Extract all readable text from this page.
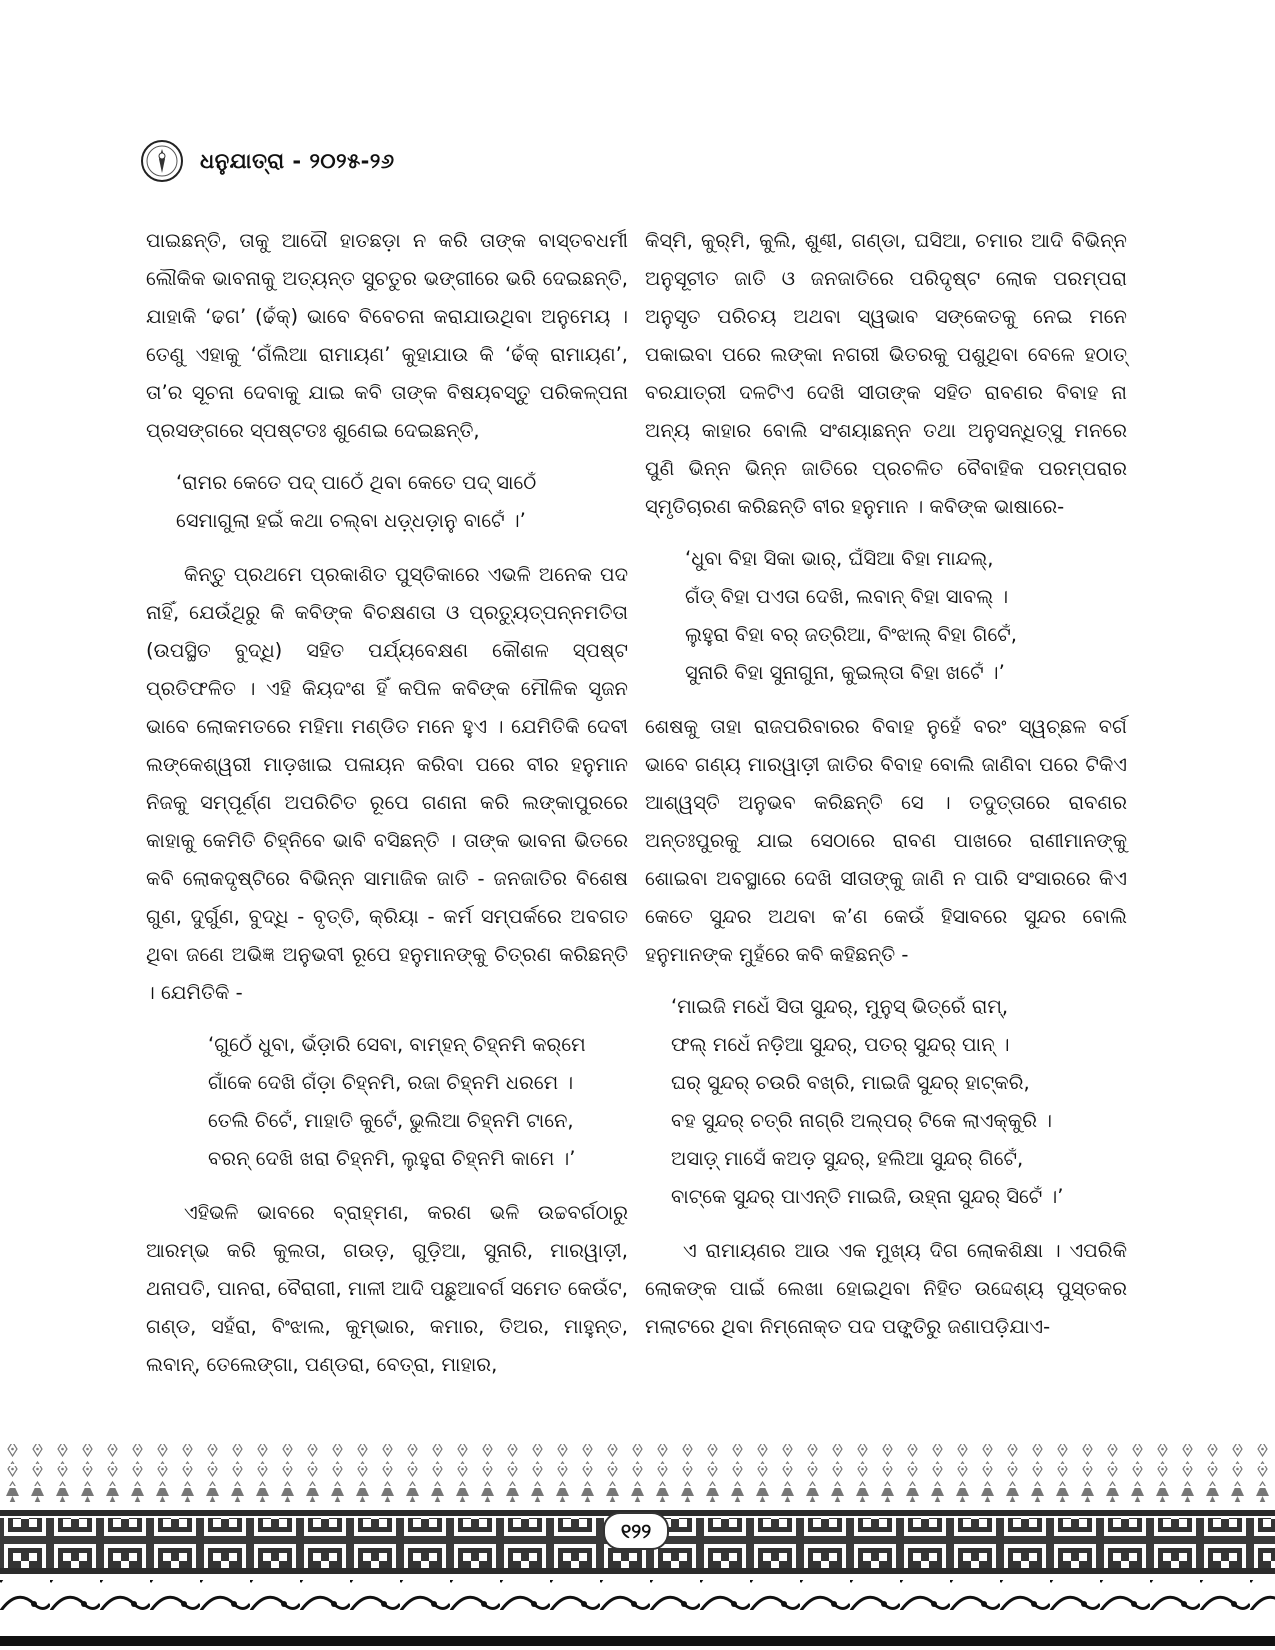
ଧନୁଯାତ୍ରା - ୨୦୨୫-୨୬

ପାଇଛନ୍ତି, ତାକୁ ଆଦୌ ହାତଛଡ଼ା ନ କରି ତାଙ୍କ ବାସ୍ତବଧର୍ମୀ ଲୌକିକ ଭାବନାକୁ ଅତ୍ୟନ୍ତ ସୁଚତୁର ଭଙ୍ଗୀରେ ଭରି ଦେଇଛନ୍ତି, ଯାହାକି ‘ଢଗ’ (ଢଁକ୍) ଭାବେ ବିବେଚନା କରାଯାଉଥିବା ଅନୁମେୟ । ତେଣୁ ଏହାକୁ ‘ଗଁଲିଆ ରାମାୟଣ’ କୁହାଯାଉ କି ‘ଢଁକ୍ ରାମାୟଣ’, ତା’ର ସୂଚନା ଦେବାକୁ ଯାଇ କବି ତାଙ୍କ ବିଷୟବସ୍ତୁ ପରିକଳ୍ପନା ପ୍ରସଙ୍ଗରେ ସ୍ପଷ୍ଟତଃ ଶୁଣେଇ ଦେଇଛନ୍ତି,

‘ରାମର କେତେ ପଦ୍ ପାଠେଁ ଥିବା କେତେ ପଦ୍ ସାଠେଁ
ସେମାଗୁଲା ହଇଁ କଥା ଚଲ୍‌ବା ଧଡ଼୍‌ଧଡ଼ାନୁ ବାଟେଁ ।’

କିନ୍ତୁ ପ୍ରଥମେ ପ୍ରକାଶିତ ପୁସ୍ତିକାରେ ଏଭଳି ଅନେକ ପଦ ନାହିଁ, ଯେଉଁଥିରୁ କି କବିଙ୍କ ବିଚକ୍ଷଣତା ଓ ପ୍ରତ୍ୟୁତ୍ପନ୍ନମତିତା (ଉପସ୍ଥିତ ବୁଦ୍ଧି) ସହିତ ପର୍ଯ୍ୟବେକ୍ଷଣ କୌଶଳ ସ୍ପଷ୍ଟ ପ୍ରତିଫଳିତ । ଏହି କିୟଦଂଶ ହିଁ କପିଳ କବିଙ୍କ ମୌଳିକ ସୃଜନ ଭାବେ ଲୋକମତରେ ମହିମା ମଣ୍ଡିତ ମନେ ହୁଏ । ଯେମିତିକି ଦେବୀ ଲଙ୍କେଶ୍ୱରୀ ମାଡ଼ଖାଇ ପଳାୟନ କରିବା ପରେ ବୀର ହନୁମାନ ନିଜକୁ ସମ୍ପୂର୍ଣ୍ଣ ଅପରିଚିତ ରୂପେ ଗଣନା କରି ଲଙ୍କାପୁରରେ କାହାକୁ କେମିତି ଚିହ୍ନିବେ ଭାବି ବସିଛନ୍ତି । ତାଙ୍କ ଭାବନା ଭିତରେ କବି ଲୋକଦୃଷ୍ଟିରେ ବିଭିନ୍ନ ସାମାଜିକ ଜାତି - ଜନଜାତିର ବିଶେଷ ଗୁଣ, ଦୁର୍ଗୁଣ, ବୁଦ୍ଧି - ବୃତ୍ତି, କ୍ରିୟା - କର୍ମ ସମ୍ପର୍କରେ ଅବଗତ ଥିବା ଜଣେ ଅଭିଜ୍ଞ ଅନୁଭବୀ ରୂପେ ହନୁମାନଙ୍କୁ ଚିତ୍ରଣ କରିଛନ୍ତି । ଯେମିତିକି -

‘ଗୁଠେଁ ଧୁବା, ଭଁଡ଼ାରି ସେବା, ବାମ୍ହନ୍ ଚିହ୍ନମି କର୍‌ମେ
ଗାଁକେ ଦେଖି ଗଁଡ଼ା ଚିହ୍ନମି, ରଜା ଚିହ୍ନମି ଧରମେ ।
ତେଲି ଚିଟେଁ, ମାହାତି କୁଟେଁ, ଭୁଲିଆ ଚିହ୍ନମି ଟାନେ,
ବରନ୍ ଦେଖି ଖରା ଚିହ୍ନମି, ଲୁହୁରା ଚିହ୍ନମି କାମେ ।’

ଏହିଭଳି ଭାବରେ ବ୍ରାହ୍ମଣ, କରଣ ଭଳି ଉଚ୍ଚବର୍ଗଠାରୁ ଆରମ୍ଭ କରି କୁଲତା, ଗଉଡ଼, ଗୁଡ଼ିଆ, ସୁନାରି, ମାରୱାଡ଼ୀ, ଥନାପତି, ପାନରା, ବୈରାଗୀ, ମାଳୀ ଆଦି ପଛୁଆବର୍ଗ ସମେତ କେଉଁଟ, ଗଣ୍ଡ, ସହଁରା, ବିଂଝାଲ, କୁମ୍ଭାର, କମାର, ତିଅର, ମାହୁନ୍ତ, ଲବାନ୍, ତେଲେଙ୍ଗା, ପଣ୍ଡରା, ବେତ୍ରା, ମାହାର,

କିସ୍‌ମି, କୁର୍‌ମି, କୁଲି, ଶୁଣ୍ଢୀ, ଗଣ୍ଡା, ଘସିଆ, ଚମାର ଆଦି ବିଭିନ୍ନ ଅନୁସୂଚୀତ ଜାତି ଓ ଜନଜାତିରେ ପରିଦୃଷ୍ଟ ଲୋକ ପରମ୍ପରା ଅନୁସୃତ ପରିଚୟ ଅଥବା ସ୍ୱଭାବ ସଙ୍କେତକୁ ନେଇ ମନେ ପକାଇବା ପରେ ଲଙ୍କା ନଗରୀ ଭିତରକୁ ପଶୁଥିବା ବେଳେ ହଠାତ୍ ବରଯାତ୍ରୀ ଦଳଟିଏ ଦେଖି ସୀତାଙ୍କ ସହିତ ରାବଣର ବିବାହ ନା ଅନ୍ୟ କାହାର ବୋଲି ସଂଶୟାଛନ୍ନ ତଥା ଅନୁସନ୍ଧିତ୍ସୁ ମନରେ ପୁଣି ଭିନ୍ନ ଭିନ୍ନ ଜାତିରେ ପ୍ରଚଳିତ ବୈବାହିକ ପରମ୍ପରାର ସ୍ମୃତିଚାରଣ କରିଛନ୍ତି ବୀର ହନୁମାନ । କବିଙ୍କ ଭାଷାରେ-

‘ଧୁବା ବିହା ସିକା ଭାର୍, ଘଁସିଆ ବିହା ମାନ୍ଦଲ୍,
ଗଁଡ୍ ବିହା ପଏତା ଦେଖି, ଲବାନ୍ ବିହା ସାବଲ୍ ।
ଲୁହୁରା ବିହା ବର୍ ଜତ୍‌ରିଆ, ବିଂଝାଲ୍ ବିହା ଗିଟେଁ,
ସୁନାରି ବିହା ସୁନାଗୁନା, କୁଇଲ୍‌ତା ବିହା ଖଟେଁ ।’

ଶେଷକୁ ତାହା ରାଜପରିବାରର ବିବାହ ନୁହେଁ ବରଂ ସ୍ୱଚ୍ଛଳ ବର୍ଗ ଭାବେ ଗଣ୍ୟ ମାରୱାଡ଼ୀ ଜାତିର ବିବାହ ବୋଲି ଜାଣିବା ପରେ ଟିକିଏ ଆଶ୍ୱସ୍ତି ଅନୁଭବ କରିଛନ୍ତି ସେ । ତଦୁତ୍ତାରେ ରାବଣର ଅନ୍ତଃପୁରକୁ ଯାଇ ସେଠାରେ ରାବଣ ପାଖରେ ରାଣୀମାନଙ୍କୁ ଶୋଇବା ଅବସ୍ଥାରେ ଦେଖି ସୀତାଙ୍କୁ ଜାଣି ନ ପାରି ସଂସାରରେ କିଏ କେତେ ସୁନ୍ଦର ଅଥବା କ’ଣ କେଉଁ ହିସାବରେ ସୁନ୍ଦର ବୋଲି ହନୁମାନଙ୍କ ମୁହଁରେ କବି କହିଛନ୍ତି -

‘ମାଇଜି ମଧେଁ ସିତା ସୁନ୍ଦର୍, ମୁନୁସ୍ ଭିତ୍‌ରେଁ ରାମ୍,
ଫଲ୍ ମଧେଁ ନଡ଼ିଆ ସୁନ୍ଦର୍, ପତର୍ ସୁନ୍ଦର୍ ପାନ୍ ।
ଘର୍ ସୁନ୍ଦର୍ ଚଉରି ବଖ୍‌ରି, ମାଇଜି ସୁନ୍ଦର୍ ହାଟ୍‌କରି,
ବହ ସୁନ୍ଦର୍ ଚତ୍‌ରି ନାଗ୍‌ରି ଅଲ୍‌ପର୍ ଟିକେ ଲାଏକ୍‌କୁରି ।
ଅସାଡ଼୍ ମାସେଁ କଅଡ଼ ସୁନ୍ଦର୍, ହଲିଆ ସୁନ୍ଦର୍ ଗିଟେଁ,
ବାଟ୍‌କେ ସୁନ୍ଦର୍ ପାଏନ୍ତି ମାଇଜି, ଉହ୍ନା ସୁନ୍ଦର୍ ସିଟେଁ ।’

ଏ ରାମାୟଣର ଆଉ ଏକ ମୁଖ୍ୟ ଦିଗ ଲୋକଶିକ୍ଷା । ଏପରିକି ଲୋକଙ୍କ ପାଇଁ ଲେଖା ହୋଇଥିବା ନିହିତ ଉଦ୍ଦେଶ୍ୟ ପୁସ୍ତକର ମଲାଟରେ ଥିବା ନିମ୍ନୋକ୍ତ ପଦ ପଙ୍କ୍ତିରୁ ଜଣାପଡ଼ିଯାଏ-

୧୨୨
